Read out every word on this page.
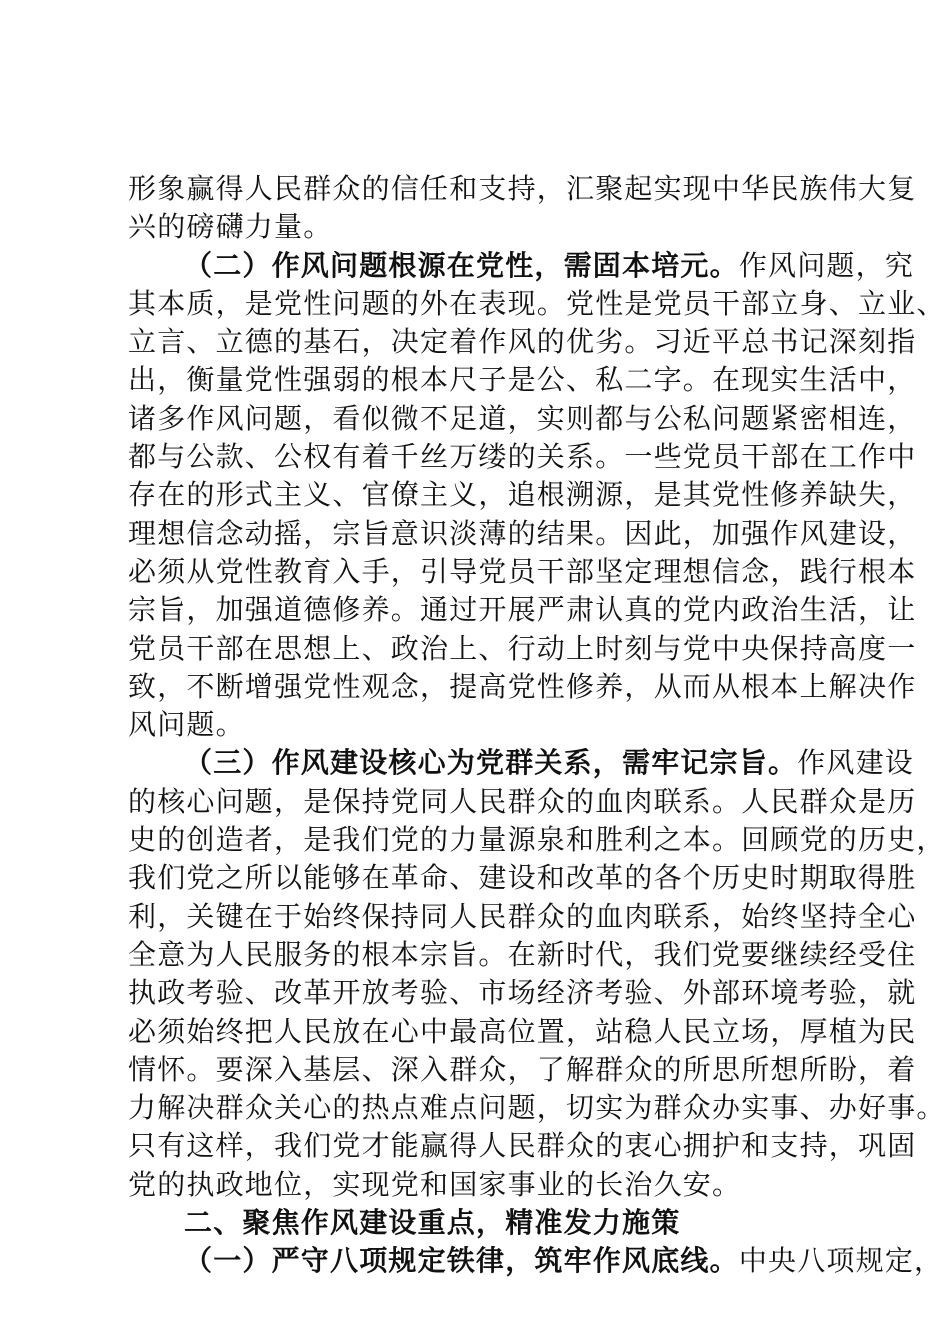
形象赢得人民群众的信任和支持，汇聚起实现中华民族伟大复
兴的磅礴力量。
（二）作风问题根源在党性，需固本培元。作风问题，究
其本质，是党性问题的外在表现。党性是党员干部立身、立业、
立言、立德的基石，决定着作风的优劣。习近平总书记深刻指
出，衡量党性强弱的根本尺子是公、私二字。在现实生活中，
诸多作风问题，看似微不足道，实则都与公私问题紧密相连，
都与公款、公权有着千丝万缕的关系。一些党员干部在工作中
存在的形式主义、官僚主义，追根溯源，是其党性修养缺失，
理想信念动摇，宗旨意识淡薄的结果。因此，加强作风建设，
必须从党性教育入手，引导党员干部坚定理想信念，践行根本
宗旨，加强道德修养。通过开展严肃认真的党内政治生活，让
党员干部在思想上、政治上、行动上时刻与党中央保持高度一
致，不断增强党性观念，提高党性修养，从而从根本上解决作
风问题。
（三）作风建设核心为党群关系，需牢记宗旨。作风建设
的核心问题，是保持党同人民群众的血肉联系。人民群众是历
史的创造者，是我们党的力量源泉和胜利之本。回顾党的历史，
我们党之所以能够在革命、建设和改革的各个历史时期取得胜
利，关键在于始终保持同人民群众的血肉联系，始终坚持全心
全意为人民服务的根本宗旨。在新时代，我们党要继续经受住
执政考验、改革开放考验、市场经济考验、外部环境考验，就
必须始终把人民放在心中最高位置，站稳人民立场，厚植为民
情怀。要深入基层、深入群众，了解群众的所思所想所盼，着
力解决群众关心的热点难点问题，切实为群众办实事、办好事。
只有这样，我们党才能赢得人民群众的衷心拥护和支持，巩固
党的执政地位，实现党和国家事业的长治久安。
二、聚焦作风建设重点，精准发力施策
（一）严守八项规定铁律，筑牢作风底线。中央八项规定，
